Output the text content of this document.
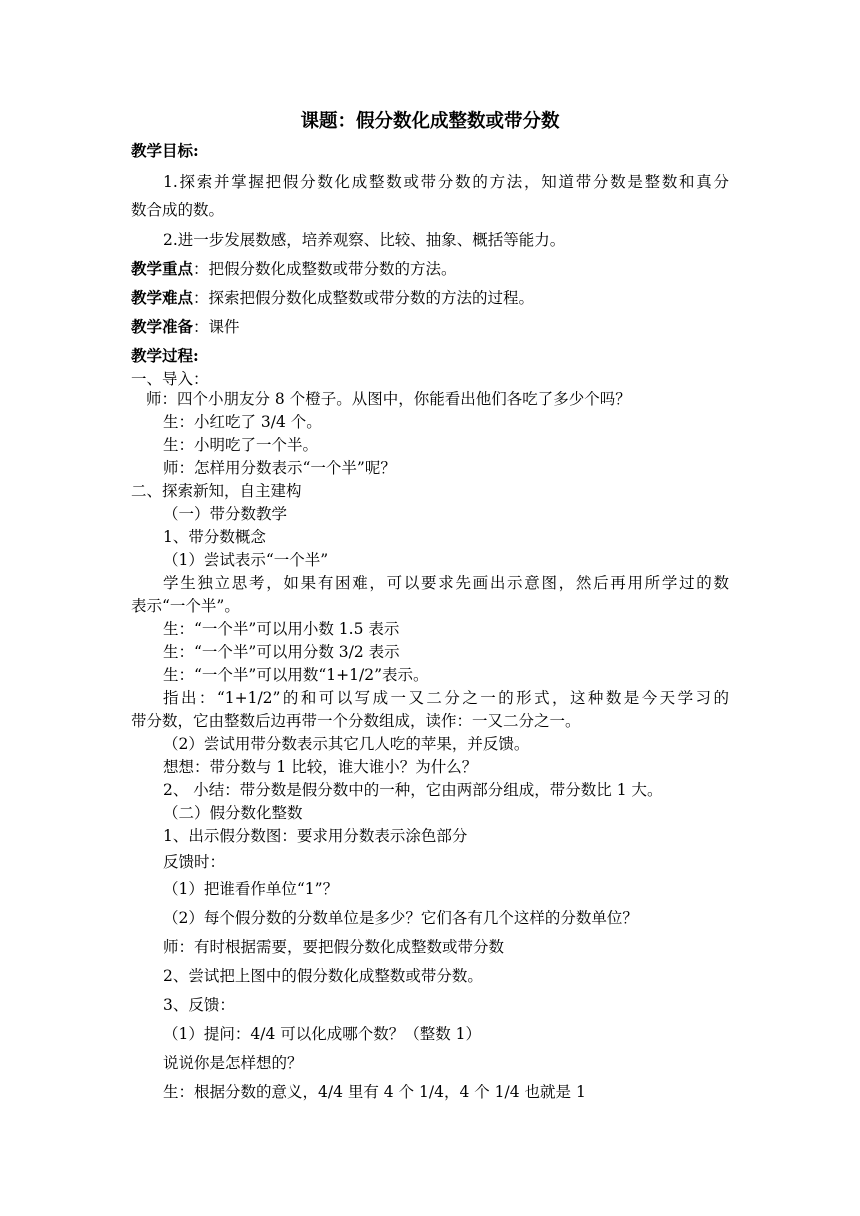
课题：假分数化成整数或带分数
教学目标:
1.探索并掌握把假分数化成整数或带分数的方法，知道带分数是整数和真分
数合成的数。
2.进一步发展数感，培养观察、比较、抽象、概括等能力。
教学重点：把假分数化成整数或带分数的方法。
教学难点：探索把假分数化成整数或带分数的方法的过程。
教学准备：课件
教学过程:
一、导入：
师：四个小朋友分 8 个橙子。从图中，你能看出他们各吃了多少个吗？
生：小红吃了 3/4 个。
生：小明吃了一个半。
师：怎样用分数表示“一个半”呢？
二、探索新知，自主建构
（一）带分数教学
1、带分数概念
（1）尝试表示“一个半”
学生独立思考，如果有困难，可以要求先画出示意图，然后再用所学过的数
表示“一个半”。
生：“一个半”可以用小数 1.5 表示
生：“一个半”可以用分数 3/2 表示
生：“一个半”可以用数“1+1/2”表示。
指出：“1+1/2”的和可以写成一又二分之一的形式，这种数是今天学习的
带分数，它由整数后边再带一个分数组成，读作：一又二分之一。
（2）尝试用带分数表示其它几人吃的苹果，并反馈。
想想：带分数与 1 比较，谁大谁小？为什么？
2、 小结：带分数是假分数中的一种，它由两部分组成，带分数比 1 大。
（二）假分数化整数
1、出示假分数图：要求用分数表示涂色部分
反馈时：
（1）把谁看作单位“1”？
（2）每个假分数的分数单位是多少？它们各有几个这样的分数单位？
师：有时根据需要，要把假分数化成整数或带分数
2、尝试把上图中的假分数化成整数或带分数。
3、反馈：
（1）提问：4/4 可以化成哪个数？（整数 1）
说说你是怎样想的？
生：根据分数的意义，4/4 里有 4 个 1/4，4 个 1/4 也就是 1
